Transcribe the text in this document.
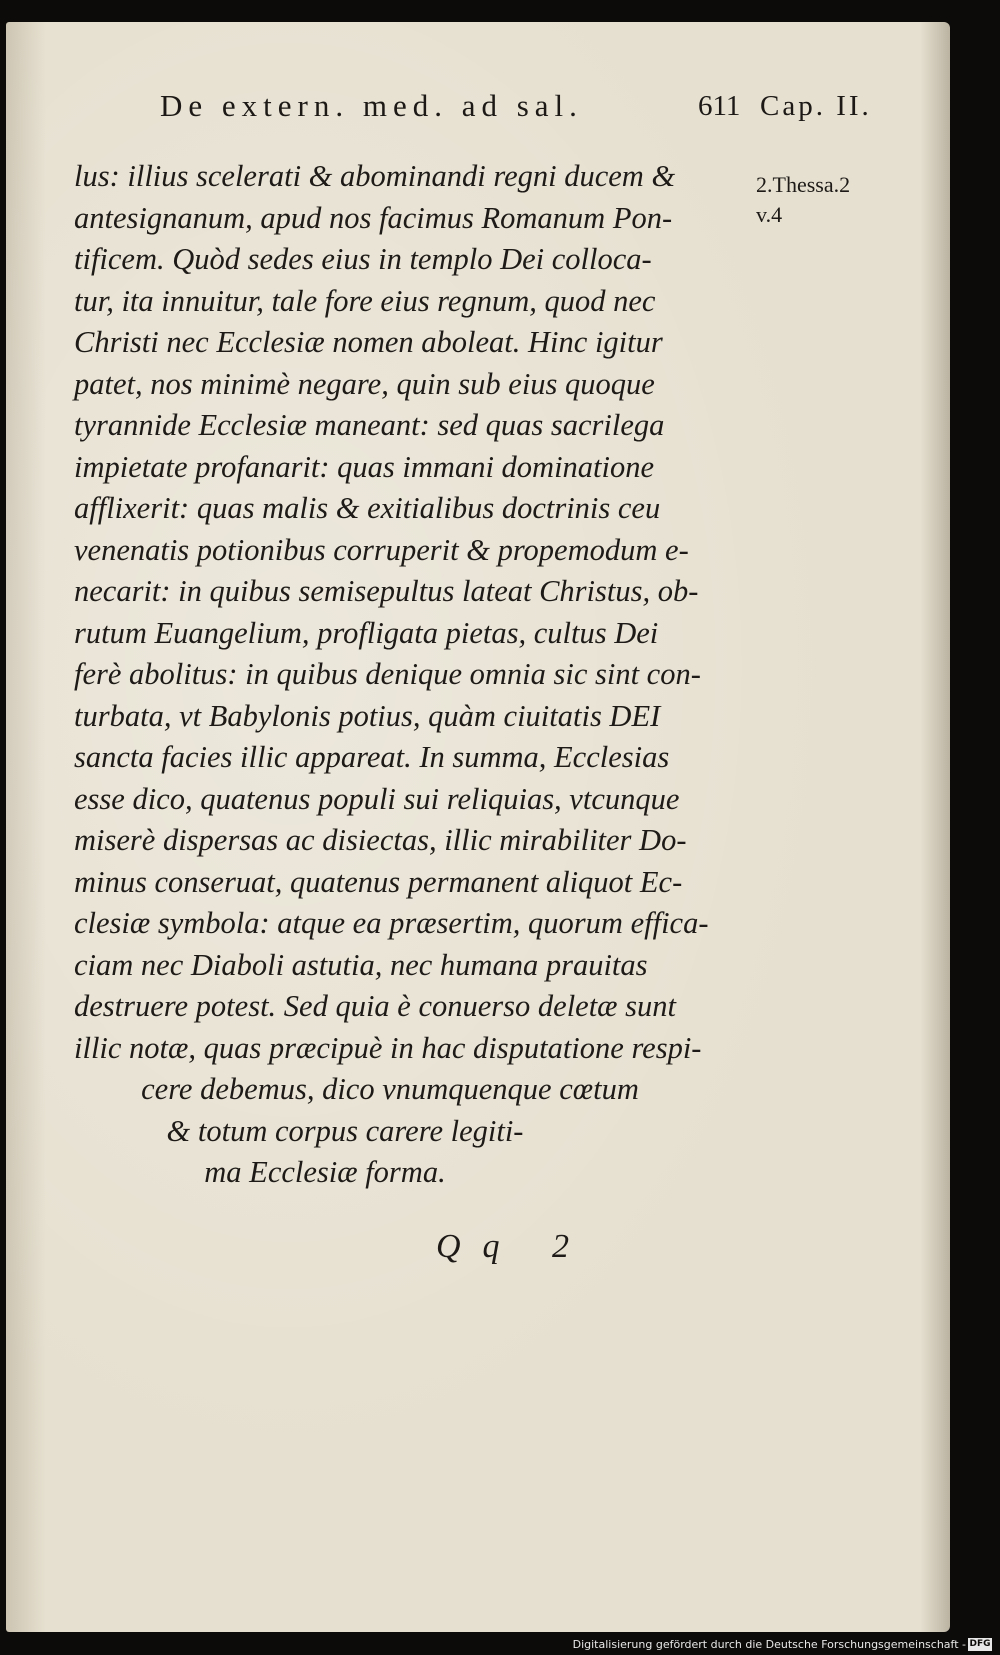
De extern. med. ad sal.	611 Cap. II.
2.Thessa.2
v.4
lus: illius scelerati & abominandi regni ducem &
antesignanum, apud nos facimus Romanum Pon-
tificem. Quòd sedes eius in templo Dei colloca-
tur, ita innuitur, tale fore eius regnum, quod nec
Christi nec Ecclesiæ nomen aboleat. Hinc igitur
patet, nos minimè negare, quin sub eius quoque
tyrannide Ecclesiæ maneant: sed quas sacrilega
impietate profanarit: quas immani dominatione
afflixerit: quas malis & exitialibus doctrinis ceu
venenatis potionibus corruperit & propemodum e-
necarit: in quibus semisepultus lateat Christus, ob-
rutum Euangelium, profligata pietas, cultus Dei
ferè abolitus: in quibus denique omnia sic sint con-
turbata, vt Babylonis potius, quàm ciuitatis DEI
sancta facies illic appareat. In summa, Ecclesias
esse dico, quatenus populi sui reliquias, vtcunque
miserè dispersas ac disiectas, illic mirabiliter Do-
minus conseruat, quatenus permanent aliquot Ec-
clesiæ symbola: atque ea præsertim, quorum effica-
ciam nec Diaboli astutia, nec humana prauitas
destruere potest. Sed quia è conuerso deletæ sunt
illic notæ, quas præcipuè in hac disputatione respi-
cere debemus, dico vnumquenque cœtum
& totum corpus carere legiti-
ma Ecclesiæ forma.
Qq 2
Digitalisierung gefördert durch die Deutsche Forschungsgemeinschaft - DFG
